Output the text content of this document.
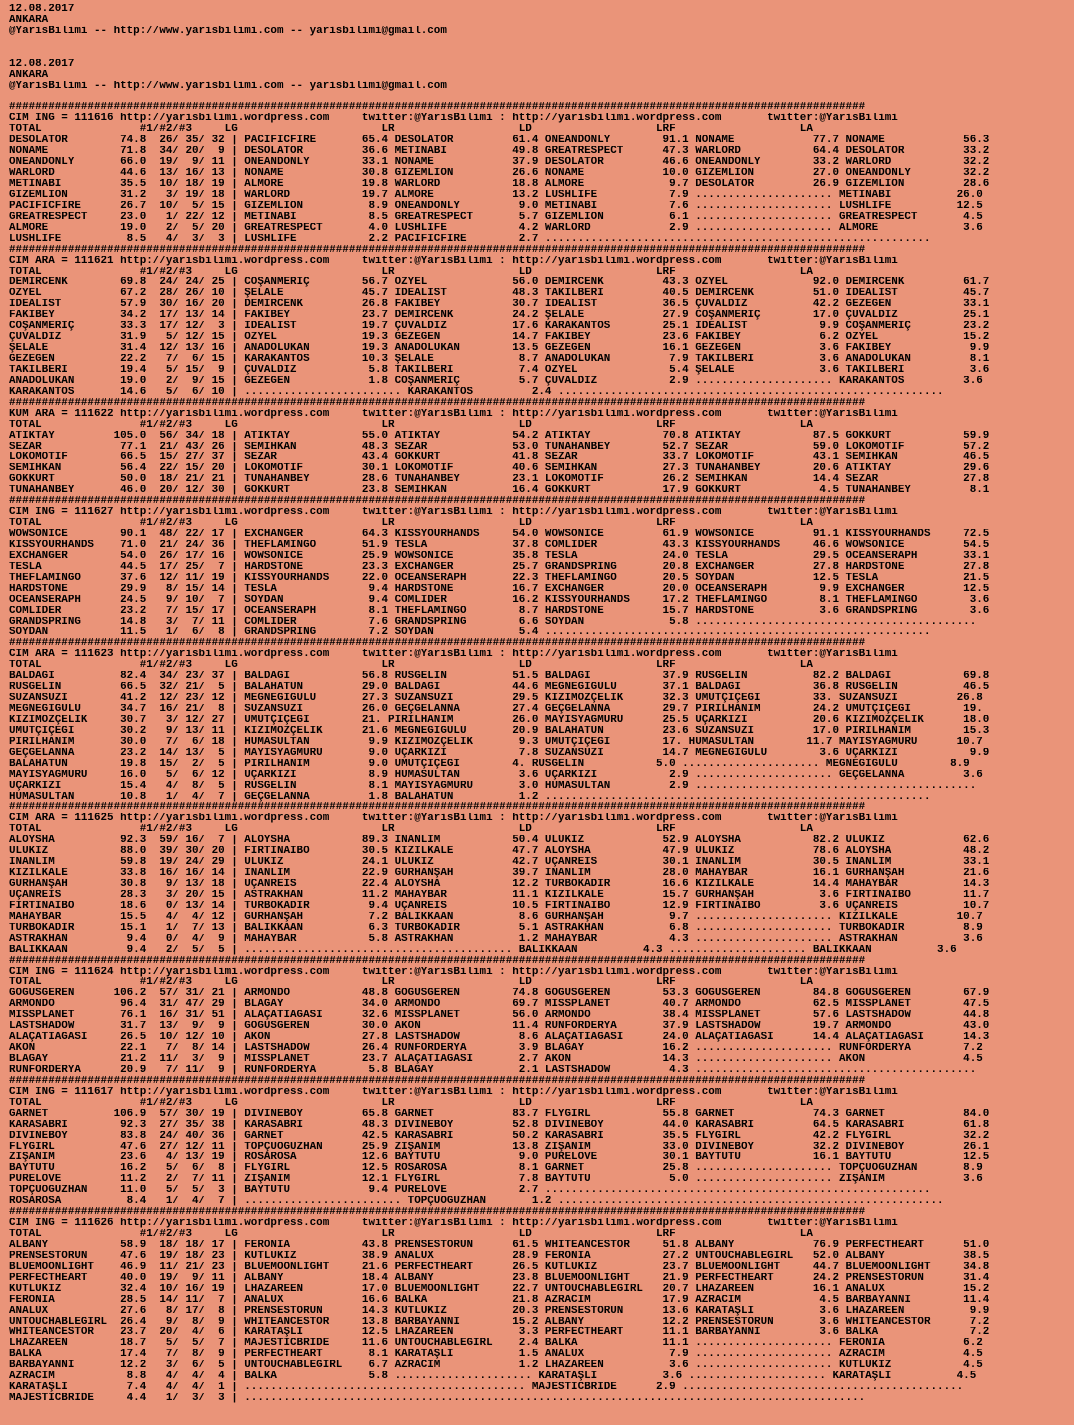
12.08.2017
ANKARA
@YarisBilimi -- http://www.yarisbilimi.com -- yarisbilimi@gmail.com

12.08.2017
ANKARA
@YarisBilimi -- http://www.yarisbilimi.com -- yarisbilimi@gmail.com

###################################################################################################################################
CIM ING = 111616 http://yarisbilimi.wordpress.com     twitter:@YarisBilimi : http://yarisbilimi.wordpress.com       twitter:@YarisBilimi
TOTAL               #1/#2/#3     LG                      LR                   LD                   LRF                   LA
DESOLATOR        74.8  26/ 35/ 32 | PACIFICFIRE       65.4 DESOLATOR         61.4 ONEANDONLY        91.1 NONAME            77.7 NONAME            56.3
NONAME           71.8  34/ 20/  9 | DESOLATOR         36.6 METINABI          49.8 GREATRESPECT      47.3 WARLORD           64.4 DESOLATOR         33.2
ONEANDONLY       66.0  19/  9/ 11 | ONEANDONLY        33.1 NONAME            37.9 DESOLATOR         46.6 ONEANDONLY        33.2 WARLORD           32.2
WARLORD          44.6  13/ 16/ 13 | NONAME            30.8 GIZEMLION         26.6 NONAME            10.0 GIZEMLION         27.0 ONEANDONLY        32.2
METINABI         35.5  10/ 18/ 19 | ALMORE            19.8 WARLORD           18.8 ALMORE             9.7 DESOLATOR         26.9 GIZEMLION         28.6
GIZEMLION        31.2   3/ 19/ 18 | WARLORD           19.7 ALMORE            13.2 LUSHLIFE           7.9 ..................... METINABI          26.0
PACIFICFIRE      26.7  10/  5/ 15 | GIZEMLION          8.9 ONEANDONLY         9.0 METINABI           7.6 ..................... LUSHLIFE          12.5
GREATRESPECT     23.0   1/ 22/ 12 | METINABI           8.5 GREATRESPECT       5.7 GIZEMLION          6.1 ..................... GREATRESPECT       4.5
ALMORE           19.0   2/  5/ 20 | GREATRESPECT       4.0 LUSHLIFE           4.2 WARLORD            2.9 ..................... ALMORE             3.6
LUSHLIFE          8.5   4/  3/  3 | LUSHLIFE           2.2 PACIFICFIRE        2.7 ...........................................................
###################################################################################################################################
CIM ARA = 111621 http://yarisbilimi.wordpress.com     twitter:@YarisBilimi : http://yarisbilimi.wordpress.com       twitter:@YarisBilimi
TOTAL               #1/#2/#3     LG                      LR                   LD                   LRF                   LA
DEMIRCENK        69.8  24/ 24/ 25 | COŞANMERİÇ        56.7 ÖZYEL             56.0 DEMIRCENK         43.3 ÖZYEL             92.0 DEMIRCENK         61.7
ÖZYEL            67.2  28/ 26/ 10 | ŞELALE            45.7 IDEALIST          48.3 TAKILBERİ         40.5 DEMIRCENK         51.0 IDEALIST          45.7
IDEALIST         57.9  30/ 16/ 20 | DEMIRCENK         26.8 FAKIBEY           30.7 IDEALIST          36.5 ÇUVALDIZ          42.2 GEZEGEN           33.1
FAKIBEY          34.2  17/ 13/ 14 | FAKIBEY           23.7 DEMIRCENK         24.2 ŞELALE            27.9 COŞANMERİÇ        17.0 ÇUVALDIZ          25.1
COŞANMERİÇ       33.3  17/ 12/  3 | IDEALIST          19.7 ÇUVALDIZ          17.6 KARAKANTOS        25.1 IDEALIST           9.9 COŞANMERİÇ        23.2
ÇUVALDIZ         31.9   5/ 12/ 15 | ÖZYEL             19.3 GEZEGEN           14.7 FAKIBEY           23.6 FAKIBEY            6.2 ÖZYEL             15.2
ŞELALE           31.4  12/ 13/ 16 | ANADOLUKAN        19.3 ANADOLUKAN        13.5 GEZEGEN           16.1 GEZEGEN            3.6 FAKIBEY            9.9
GEZEGEN          22.2   7/  6/ 15 | KARAKANTOS        10.3 ŞELALE             8.7 ANADOLUKAN         7.9 TAKILBERİ          3.6 ANADOLUKAN         8.1
TAKILBERİ        19.4   5/ 15/  9 | ÇUVALDIZ           5.8 TAKILBERİ          7.4 ÖZYEL              5.4 ŞELALE             3.6 TAKILBERİ          3.6
ANADOLUKAN       19.0   2/  9/ 15 | GEZEGEN            1.8 COŞANMERİÇ         5.7 ÇUVALDIZ           2.9 ..................... KARAKANTOS         3.6
KARAKANTOS       14.6   5/  6/ 10 | ........................ KARAKANTOS         2.4 ...........................................................
###################################################################################################################################
KUM ARA = 111622 http://yarisbilimi.wordpress.com     twitter:@YarisBilimi : http://yarisbilimi.wordpress.com       twitter:@YarisBilimi
TOTAL               #1/#2/#3     LG                      LR                   LD                   LRF                   LA
ATIKTAY         105.0  56/ 34/ 18 | ATIKTAY           55.0 ATIKTAY           54.2 ATIKTAY           70.8 ATIKTAY           87.5 GÖKKURT           59.9
SEZAR            77.1  21/ 43/ 26 | SEMIHKAN          48.3 SEZAR             53.0 TUNAHANBEY        52.7 SEZAR             59.0 LOKOMOTİF         57.2
LOKOMOTİF        66.5  15/ 27/ 37 | SEZAR             43.4 GÖKKURT           41.8 SEZAR             33.7 LOKOMOTİF         43.1 SEMIHKAN          46.5
SEMIHKAN         56.4  22/ 15/ 20 | LOKOMOTİF         30.1 LOKOMOTİF         40.6 SEMIHKAN          27.3 TUNAHANBEY        20.6 ATIKTAY           29.6
GÖKKURT          50.0  18/ 21/ 21 | TUNAHANBEY        28.6 TUNAHANBEY        23.1 LOKOMOTİF         26.2 SEMIHKAN          14.4 SEZAR             27.8
TUNAHANBEY       46.0  20/ 12/ 30 | GÖKKURT           23.8 SEMIHKAN          16.4 GÖKKURT           17.9 GÖKKURT            4.5 TUNAHANBEY         8.1
###################################################################################################################################
CIM ING = 111627 http://yarisbilimi.wordpress.com     twitter:@YarisBilimi : http://yarisbilimi.wordpress.com       twitter:@YarisBilimi
TOTAL               #1/#2/#3     LG                      LR                   LD                   LRF                   LA
WOWSONICE        90.1  48/ 22/ 17 | EXCHANGER         64.3 KISSYOURHANDS     54.0 WOWSONICE         61.9 WOWSONICE         91.1 KISSYOURHANDS     72.5
KISSYOURHANDS    71.0  21/ 24/ 36 | THEFLAMINGO       51.9 TESLA             37.8 COMLIDER          43.3 KISSYOURHANDS     46.6 WOWSONICE         54.5
EXCHANGER        54.0  26/ 17/ 16 | WOWSONICE         25.9 WOWSONICE         35.8 TESLA             24.0 TESLA             29.5 OCEANSERAPH       33.1
TESLA            44.5  17/ 25/  7 | HARDSTONE         23.3 EXCHANGER         25.7 GRANDSPRING       20.8 EXCHANGER         27.8 HARDSTONE         27.8
THEFLAMINGO      37.6  12/ 11/ 19 | KISSYOURHANDS     22.0 OCEANSERAPH       22.3 THEFLAMINGO       20.5 SOYDAN            12.5 TESLA             21.5
HARDSTONE        29.9   8/ 15/ 14 | TESLA              9.4 HARDSTONE         16.7 EXCHANGER         20.0 OCEANSERAPH        9.9 EXCHANGER         12.5
OCEANSERAPH      24.5   9/ 10/  7 | SOYDAN             9.4 COMLIDER          16.2 KISSYOURHANDS     17.2 THEFLAMINGO        8.1 THEFLAMINGO        3.6
COMLIDER         23.2   7/ 15/ 17 | OCEANSERAPH        8.1 THEFLAMINGO        8.7 HARDSTONE         15.7 HARDSTONE          3.6 GRANDSPRING        3.6
GRANDSPRING      14.8   3/  7/ 11 | COMLIDER           7.6 GRANDSPRING        6.6 SOYDAN             5.8 ...........................................
SOYDAN           11.5   1/  6/  8 | GRANDSPRING        7.2 SOYDAN             5.4 ...........................................................
###################################################################################################################################
CIM ARA = 111623 http://yarisbilimi.wordpress.com     twitter:@YarisBilimi : http://yarisbilimi.wordpress.com       twitter:@YarisBilimi
TOTAL               #1/#2/#3     LG                      LR                   LD                   LRF                   LA
BALDAĞI          82.4  34/ 23/ 37 | BALDAĞI           56.8 RUSGELİN          51.5 BALDAĞI           37.9 RUSGELİN          82.2 BALDAĞI           69.8
RUSGELİN         66.5  32/ 21/  5 | BALAHATUN         29.0 BALDAĞI           44.6 MEGNEĞIGÜLÜ       37.1 BALDAĞI           36.8 RUSGELİN          46.5
SUZANSUZİ        41.2  12/ 23/ 12 | MEGNEĞIGÜLÜ       27.3 SUZANSUZİ         29.5 KIZIMÖZÇELİK      32.3 UMUTÇİÇEĞİ        33. SUZANSUZİ         26.8
MEGNEĞIGÜLÜ      34.7  16/ 21/  8 | SUZANSUZİ         26.0 GEÇGELANNA        27.4 GEÇGELANNA        29.7 PIRILHANIM        24.2 UMUTÇİÇEĞİ        19.
KIZIMÖZÇELİK     30.7   3/ 12/ 27 | UMUTÇİÇEĞİ        21. PIRILHANIM         26.0 MAYISYAĞMURU      25.5 UÇARKIZI          20.6 KIZIMÖZÇELİK      18.0
UMUTÇİÇEĞİ       30.2   9/ 13/ 11 | KIZIMÖZÇELİK      21.6 MEGNEĞIGÜLÜ       20.9 BALAHATUN         23.6 SUZANSUZİ         17.0 PIRILHANIM        15.3
PIRILHANIM       30.0   7/  6/ 18 | HUMASULTAN         9.9 KIZIMÖZÇELİK       9.3 UMUTÇİÇEĞİ        17. HUMASULTAN        11.7 MAYISYAĞMURU      10.7
GEÇGELANNA       23.2  14/ 13/  5 | MAYISYAĞMURU       9.0 UÇARKIZI           7.8 SUZANSUZİ         14.7 MEGNEĞIGÜLÜ        3.6 UÇARKIZI           9.9
BALAHATUN        19.8  15/  2/  5 | PIRILHANIM         9.0 UMUTÇİÇEĞİ        4. RUSGELİN           5.0 ..................... MEGNEĞIGÜLÜ        8.9
MAYISYAĞMURU     16.0   5/  6/ 12 | UÇARKIZI           8.9 HUMASULTAN         3.6 UÇARKIZI           2.9 ..................... GEÇGELANNA         3.6
UÇARKIZI         15.4   4/  8/  5 | RUSGELİN           8.1 MAYISYAĞMURU       3.0 HUMASULTAN         2.9 ...........................................
HUMASULTAN       10.8   1/  4/  7 | GEÇGELANNA         1.8 BALAHATUN          1.2 ...........................................................
###################################################################################################################################
CIM ARA = 111625 http://yarisbilimi.wordpress.com     twitter:@YarisBilimi : http://yarisbilimi.wordpress.com       twitter:@YarisBilimi
TOTAL               #1/#2/#3     LG                      LR                   LD                   LRF                   LA
ALOYSHA          92.3  59/ 16/  7 | ALOYSHA           89.3 İNANLIM           50.4 ULUKIZ            52.9 ALOYSHA           82.2 ULUKIZ            62.6
ULUKIZ           88.0  39/ 30/ 20 | FIRTINAIBO        30.5 KIZILKALE         47.7 ALOYSHA           47.9 ULUKIZ            78.6 ALOYSHA           48.2
İNANLIM          59.8  19/ 24/ 29 | ULUKIZ            24.1 ULUKIZ            42.7 UÇANREİS          30.1 İNANLIM           30.5 İNANLIM           33.1
KIZILKALE        33.8  16/ 16/ 14 | İNANLIM           22.9 GÜRHANŞAH         39.7 İNANLIM           28.0 MAHAYBAR          16.1 GÜRHANŞAH         21.6
GÜRHANŞAH        30.8   9/ 13/ 18 | UÇANREİS          22.4 ALOYSHA           12.2 TURBOKADİR        16.6 KIZILKALE         14.4 MAHAYBAR          14.3
UÇANREİS         28.3   3/ 20/ 15 | ASTRAKHAN         11.2 MAHAYBAR          11.1 KIZILKALE         15.7 GÜRHANŞAH          3.6 FIRTINAIBO        11.7
FIRTINAIBO       18.6   0/ 13/ 14 | TURBOKADİR         9.4 UÇANREİS          10.5 FIRTINAIBO        12.9 FIRTINAIBO         3.6 UÇANREİS          10.7
MAHAYBAR         15.5   4/  4/ 12 | GÜRHANŞAH          7.2 BALIKKAAN          8.6 GÜRHANŞAH          9.7 ..................... KIZILKALE         10.7
TURBOKADİR       15.1   1/  7/ 13 | BALIKKAAN          6.3 TURBOKADİR         5.1 ASTRAKHAN          6.8 ..................... TURBOKADİR         8.9
ASTRAKHAN         9.4   0/  4/  9 | MAHAYBAR           5.8 ASTRAKHAN          1.2 MAHAYBAR           4.3 ..................... ASTRAKHAN          3.6
BALIKKAAN         9.4   2/  5/  5 | ......................................... BALIKKAAN          4.3 ..................... BALIKKAAN          3.6
###################################################################################################################################
CIM ING = 111624 http://yarisbilimi.wordpress.com     twitter:@YarisBilimi : http://yarisbilimi.wordpress.com       twitter:@YarisBilimi
TOTAL               #1/#2/#3     LG                      LR                   LD                   LRF                   LA
GOGUSGEREN      106.2  57/ 31/ 21 | ARMONDO           48.8 GOGUSGEREN        74.8 GOGUSGEREN        53.3 GOGUSGEREN        84.8 GOGUSGEREN        67.9
ARMONDO          96.4  31/ 47/ 29 | BLAĞAY            34.0 ARMONDO           69.7 MISSPLANET        40.7 ARMONDO           62.5 MISSPLANET        47.5
MISSPLANET       76.1  16/ 31/ 51 | ALAÇATIAĞASI      32.6 MISSPLANET        56.0 ARMONDO           38.4 MISSPLANET        57.6 LASTSHADOW        44.8
LASTSHADOW       31.7  13/  9/  9 | GOGUSGEREN        30.0 AKON              11.4 RUNFORDERYA       37.9 LASTSHADOW        19.7 ARMONDO           43.0
ALAÇATIAĞASI     26.5  10/ 12/ 10 | AKON              27.8 LASTSHADOW         8.6 ALAÇATIAĞASI      24.0 ALAÇATIAĞASI      14.4 ALAÇATIAĞASI      14.3
AKON             22.1   7/  8/ 14 | LASTSHADOW        26.4 RUNFORDERYA        3.9 BLAĞAY            16.2 ..................... RUNFORDERYA        7.2
BLAĞAY           21.2  11/  3/  9 | MISSPLANET        23.7 ALAÇATIAĞASI       2.7 AKON              14.3 ..................... AKON               4.5
RUNFORDERYA      20.9   7/ 11/  9 | RUNFORDERYA        5.8 BLAĞAY             2.1 LASTSHADOW         4.3 ...........................................
###################################################################################################################################
CIM ING = 111617 http://yarisbilimi.wordpress.com     twitter:@YarisBilimi : http://yarisbilimi.wordpress.com       twitter:@YarisBilimi
TOTAL               #1/#2/#3     LG                      LR                   LD                   LRF                   LA
GARNET          106.9  57/ 30/ 19 | DIVINEBOY         65.8 GARNET            83.7 FLYGIRL           55.8 GARNET            74.3 GARNET            84.0
KARASABRİ        92.3  27/ 35/ 38 | KARASABRİ         48.3 DIVINEBOY         52.8 DIVINEBOY         44.0 KARASABRİ         64.5 KARASABRİ         61.8
DIVINEBOY        83.8  24/ 40/ 36 | GARNET            42.5 KARASABRİ         50.2 KARASABRİ         35.5 FLYGIRL           42.2 FLYGIRL           32.2
FLYGIRL          47.6  27/ 12/ 11 | TOPÇUOĞUZHAN      25.9 ZİŞANIM           13.8 ZİŞANIM           33.0 DIVINEBOY         32.2 DIVINEBOY         26.1
ZİŞANIM          23.6   4/ 13/ 19 | ROSAROSA          12.6 BAYTUTU            9.0 PURELOVE          30.1 BAYTUTU           16.1 BAYTUTU           12.5
BAYTUTU          16.2   5/  6/  8 | FLYGIRL           12.5 ROSAROSA           8.1 GARNET            25.8 ..................... TOPÇUOĞUZHAN       8.9
PURELOVE         11.2   2/  7/ 11 | ZİŞANIM           12.1 FLYGIRL            7.8 BAYTUTU            5.0 ..................... ZİŞANIM            3.6
TOPÇUOĞUZHAN     11.0   5/  5/  3 | BAYTUTU            9.4 PURELOVE           2.7 ...........................................................
ROSAROSA          8.4   1/  4/  7 | ........................ TOPÇUOĞUZHAN       1.2 ...........................................................
###################################################################################################################################
CIM ING = 111626 http://yarisbilimi.wordpress.com     twitter:@YarisBilimi : http://yarisbilimi.wordpress.com       twitter:@YarisBilimi
TOTAL               #1/#2/#3     LG                      LR                   LD                   LRF                   LA
ALBANY           58.9  18/ 18/ 17 | FERONIA           43.8 PRENSESTORUN      61.5 WHITEANCESTOR     51.8 ALBANY            76.9 PERFECTHEART      51.0
PRENSESTORUN     47.6  19/ 18/ 23 | KUTLUKIZ          38.9 ANALUX            28.9 FERONIA           27.2 UNTOUCHABLEGIRL   52.0 ALBANY            38.5
BLUEMOONLIGHT    46.9  11/ 21/ 23 | BLUEMOONLIGHT     21.6 PERFECTHEART      26.5 KUTLUKIZ          23.7 BLUEMOONLIGHT     44.7 BLUEMOONLIGHT     34.8
PERFECTHEART     40.0  19/  9/ 11 | ALBANY            18.4 ALBANY            23.8 BLUEMOONLIGHT     21.9 PERFECTHEART      24.2 PRENSESTORUN      31.4
KUTLUKIZ         32.4  10/ 16/ 19 | LHAZAREEN         17.0 BLUEMOONLIGHT     22.7 UNTOUCHABLEGIRL   20.7 LHAZAREEN         16.1 ANALUX            15.2
FERONIA          28.5  14/ 11/  7 | ANALUX            16.6 BALKA             21.8 AZRACIM           17.9 AZRACIM            4.5 BARBAYANNI        11.4
ANALUX           27.6   8/ 17/  8 | PRENSESTORUN      14.3 KUTLUKIZ          20.3 PRENSESTORUN      13.6 KARATAŞLI          3.6 LHAZAREEN          9.9
UNTOUCHABLEGIRL  26.4   9/  8/  9 | WHITEANCESTOR     13.8 BARBAYANNI        15.2 ALBANY            12.2 PRENSESTORUN       3.6 WHITEANCESTOR      7.2
WHITEANCESTOR    23.7  20/  4/  6 | KARATAŞLI         12.5 LHAZAREEN          3.3 PERFECTHEART      11.1 BARBAYANNI         3.6 BALKA              7.2
LHAZAREEN        18.7   5/  5/  7 | MAJESTİCBRIDE     11.6 UNTOUCHABLEGIRL    2.4 BALKA             11.1 ..................... FERONIA            6.2
BALKA            17.4   7/  8/  9 | PERFECTHEART       8.1 KARATAŞLI          1.5 ANALUX             7.9 ..................... AZRACIM            4.5
BARBAYANNI       12.2   3/  6/  5 | UNTOUCHABLEGIRL    6.7 AZRACIM            1.2 LHAZAREEN          3.6 ..................... KUTLUKIZ           4.5
AZRACIM           8.8   4/  4/  4 | BALKA              5.8 ..................... KARATAŞLI          3.6 ..................... KARATAŞLI          4.5
KARATAŞLI         7.4   4/  4/  1 | ........................................... MAJESTİCBRIDE      2.9 ...........................................
MAJESTİCBRIDE     4.4   1/  3/  3 | ...............................................................................................
